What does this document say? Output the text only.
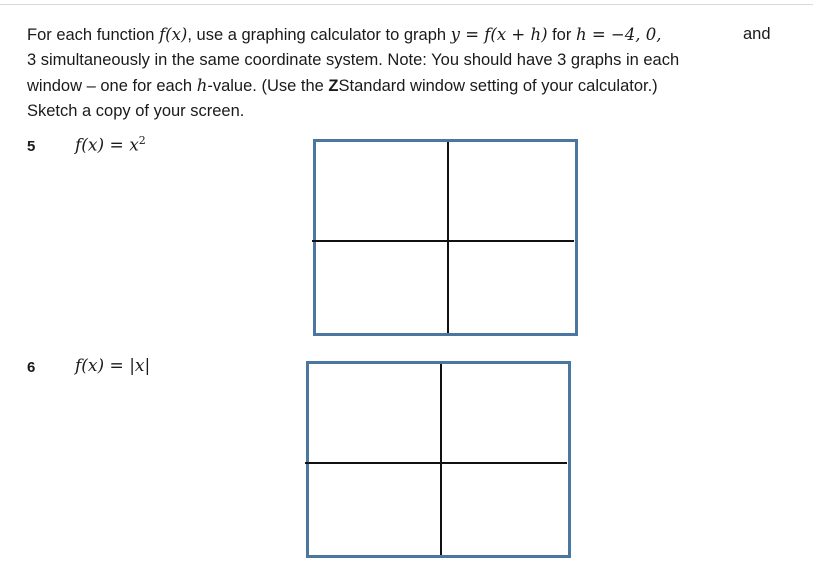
For each function f(x), use a graphing calculator to graph y = f(x + h) for h = −4, 0,
3 simultaneously in the same coordinate system. Note: You should have 3 graphs in each
window – one for each h-value. (Use the ZStandard window setting of your calculator.)
Sketch a copy of your screen.
and
5 $f(x) = x^2$
6 f(x) = |x|
